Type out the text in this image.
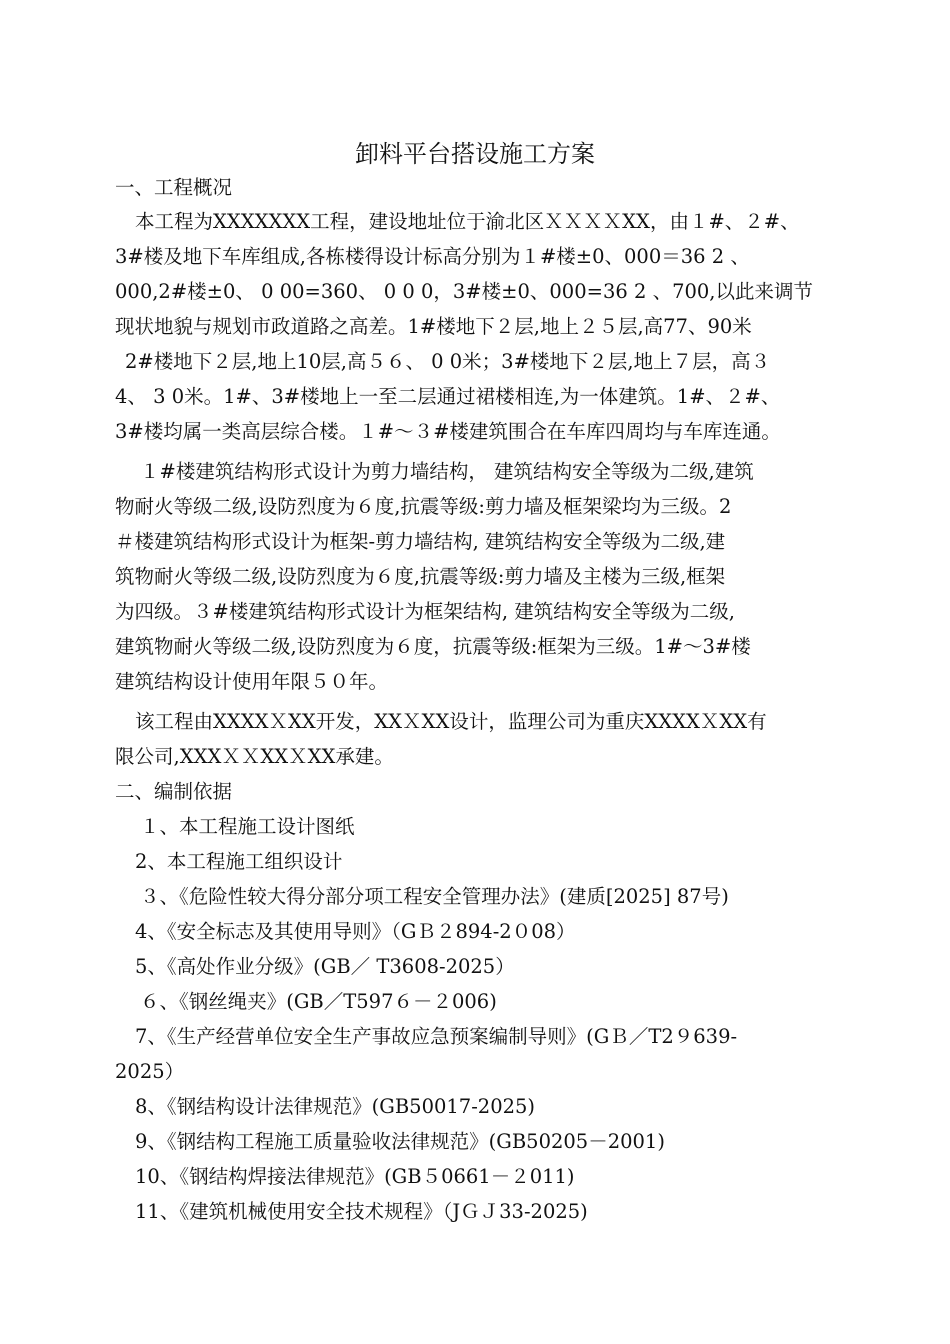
卸料平台搭设施工方案
一、工程概况
本工程为XXXXXXX工程，建设地址位于渝北区ＸＸＸＸXX，由１#、２#、
3#楼及地下车库组成,各栋楼得设计标高分别为１#楼±0、000＝36 2 、
000,2#楼±0、 0 00=360、 0 0 0，3#楼±0、000=36 2 、700,以此来调节
现状地貌与规划市政道路之高差。1#楼地下２层,地上２５层,高77、90米
2#楼地下２层,地上10层,高５６、 0 0米；3#楼地下２层,地上７层，高３
4、 3 0米。1#、3#楼地上一至二层通过裙楼相连,为一体建筑。1#、２#、
3#楼均属一类高层综合楼。１#～３#楼建筑围合在车库四周均与车库连通。
１#楼建筑结构形式设计为剪力墙结构， 建筑结构安全等级为二级,建筑
物耐火等级二级,设防烈度为６度,抗震等级:剪力墙及框架梁均为三级。2
＃楼建筑结构形式设计为框架-剪力墙结构, 建筑结构安全等级为二级,建
筑物耐火等级二级,设防烈度为６度,抗震等级:剪力墙及主楼为三级,框架
为四级。３#楼建筑结构形式设计为框架结构, 建筑结构安全等级为二级,
建筑物耐火等级二级,设防烈度为６度，抗震等级:框架为三级。1#～3#楼
建筑结构设计使用年限５０年。
该工程由XXXXＸXX开发，XXＸXX设计，监理公司为重庆XXXXＸXX有
限公司,XXXＸＸXXＸXX承建。
二、编制依据
１、本工程施工设计图纸
2、本工程施工组织设计
３、《危险性较大得分部分项工程安全管理办法》(建质[2025] 87号)
4、《安全标志及其使用导则》（GＢ２894-2０08）
5、《高处作业分级》(GB／ T3608-2025）
６、《钢丝绳夹》(GB／T597６－２006)
7、《生产经营单位安全生产事故应急预案编制导则》(GＢ／T2９639-
2025）
8、《钢结构设计法律规范》(GB50017-2025)
9、《钢结构工程施工质量验收法律规范》(GB50205－2001)
10、《钢结构焊接法律规范》(GB５0661－２011)
11、《建筑机械使用安全技术规程》（JＧＪ33-2025)
